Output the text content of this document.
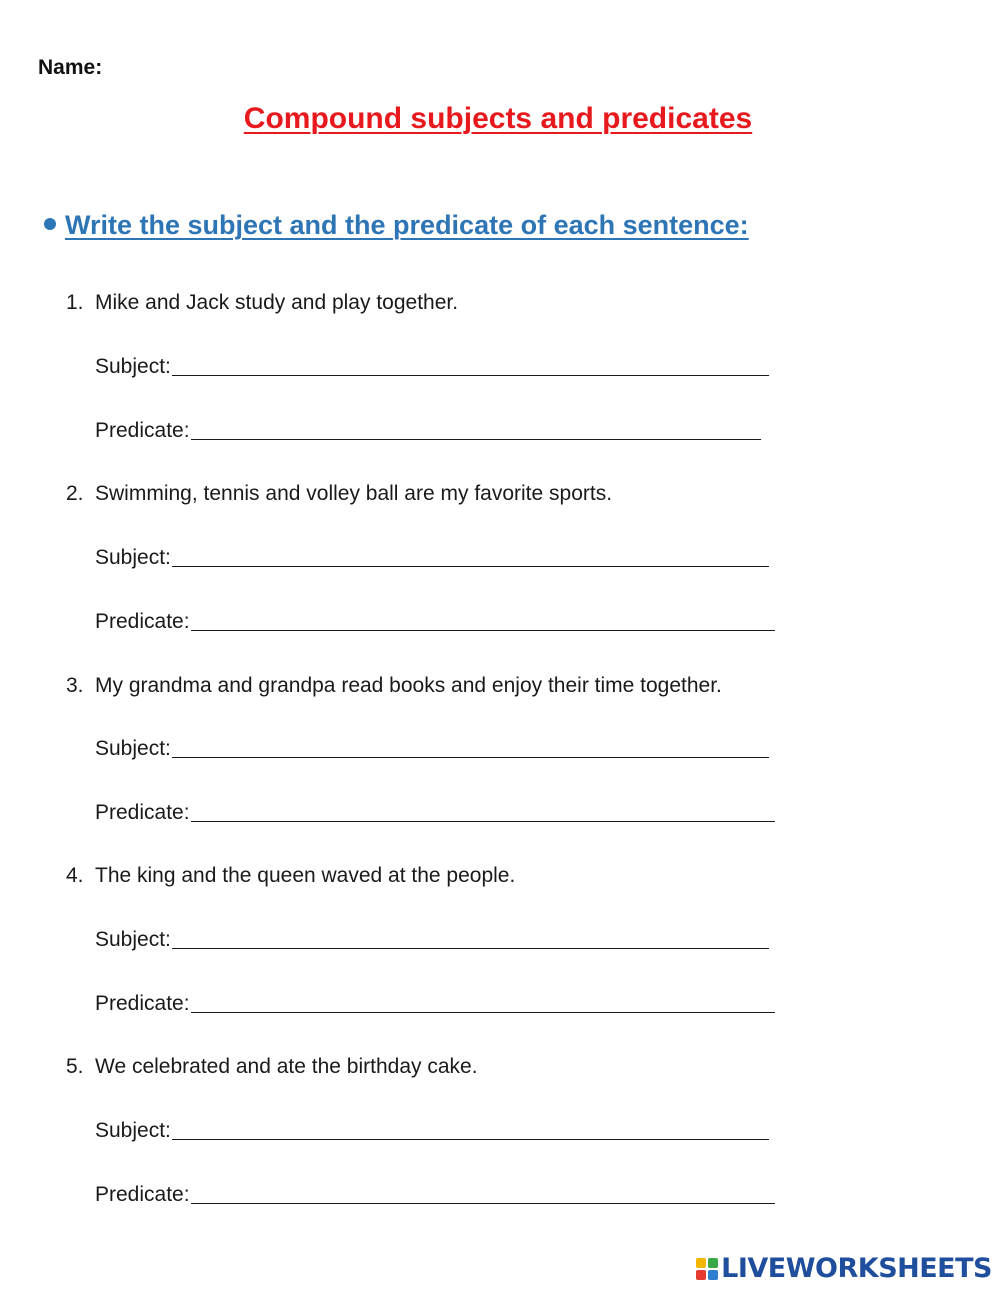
Name:
Compound subjects and predicates
Write the subject and the predicate of each sentence:
1. Mike and Jack study and play together.
Subject:
Predicate:
2. Swimming, tennis and volley ball are my favorite sports.
Subject:
Predicate:
3. My grandma and grandpa read books and enjoy their time together.
Subject:
Predicate:
4. The king and the queen waved at the people.
Subject:
Predicate:
5. We celebrated and ate the birthday cake.
Subject:
Predicate:
LIVEWORKSHEETS
